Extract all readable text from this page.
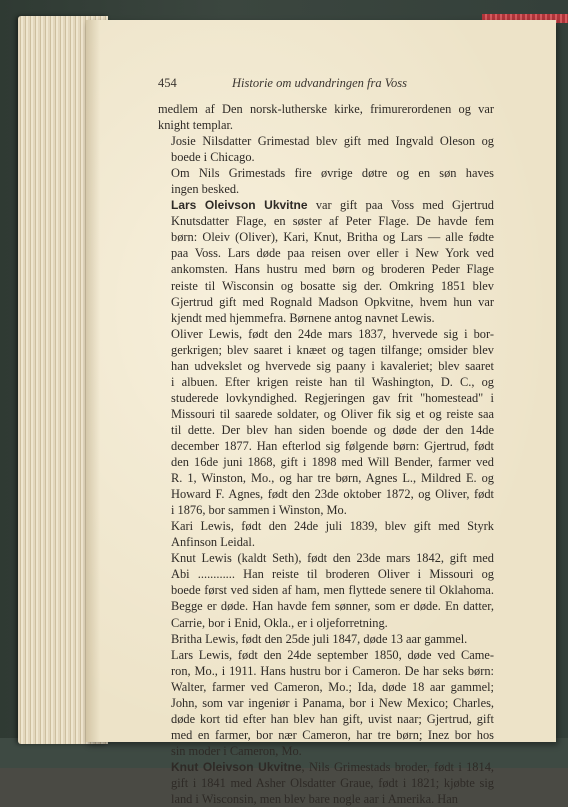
454	Historie om udvandringen fra Voss

medlem af Den norsk-lutherske kirke, frimurerordenen og var
knight templar.

Josie Nilsdatter Grimestad blev gift med Ingvald Oleson og
boede i Chicago.

Om Nils Grimestads fire øvrige døtre og en søn haves
ingen besked.

Lars Oleivson Ukvitne var gift paa Voss med Gjertrud
Knutsdatter Flage, en søster af Peter Flage. De havde fem
børn: Oleiv (Oliver), Kari, Knut, Britha og Lars — alle fødte
paa Voss. Lars døde paa reisen over eller i New York ved
ankomsten. Hans hustru med børn og broderen Peder Flage
reiste til Wisconsin og bosatte sig der. Omkring 1851 blev
Gjertrud gift med Rognald Madson Opkvitne, hvem hun var
kjendt med hjemmefra. Børnene antog navnet Lewis.

Oliver Lewis, født den 24de mars 1837, hvervede sig i bor-
gerkrigen; blev saaret i knæet og tagen tilfange; omsider blev
han udvekslet og hvervede sig paany i kavaleriet; blev saaret
i albuen. Efter krigen reiste han til Washington, D. C., og
studerede lovkyndighed. Regjeringen gav frit "homestead" i
Missouri til saarede soldater, og Oliver fik sig et og reiste saa
til dette. Der blev han siden boende og døde der den 14de
december 1877. Han efterlod sig følgende børn: Gjertrud, født
den 16de juni 1868, gift i 1898 med Will Bender, farmer ved
R. 1, Winston, Mo., og har tre børn, Agnes L., Mildred E. og
Howard F. Agnes, født den 23de oktober 1872, og Oliver, født
i 1876, bor sammen i Winston, Mo.

Kari Lewis, født den 24de juli 1839, blev gift med Styrk
Anfinson Leidal.

Knut Lewis (kaldt Seth), født den 23de mars 1842, gift med
Abi ............ Han reiste til broderen Oliver i Missouri og
boede først ved siden af ham, men flyttede senere til Oklahoma.
Begge er døde. Han havde fem sønner, som er døde. En datter,
Carrie, bor i Enid, Okla., er i oljeforretning.

Britha Lewis, født den 25de juli 1847, døde 13 aar gammel.

Lars Lewis, født den 24de september 1850, døde ved Came-
ron, Mo., i 1911. Hans hustru bor i Cameron. De har seks børn:
Walter, farmer ved Cameron, Mo.; Ida, døde 18 aar gammel;
John, som var ingeniør i Panama, bor i New Mexico; Charles,
døde kort tid efter han blev han gift, uvist naar; Gjertrud, gift
med en farmer, bor nær Cameron, har tre børn; Inez bor hos
sin moder i Cameron, Mo.

Knut Oleivson Ukvitne, Nils Grimestads broder, født i 1814,
gift i 1841 med Asher Olsdatter Graue, født i 1821; kjøbte sig
land i Wisconsin, men blev bare nogle aar i Amerika. Han
